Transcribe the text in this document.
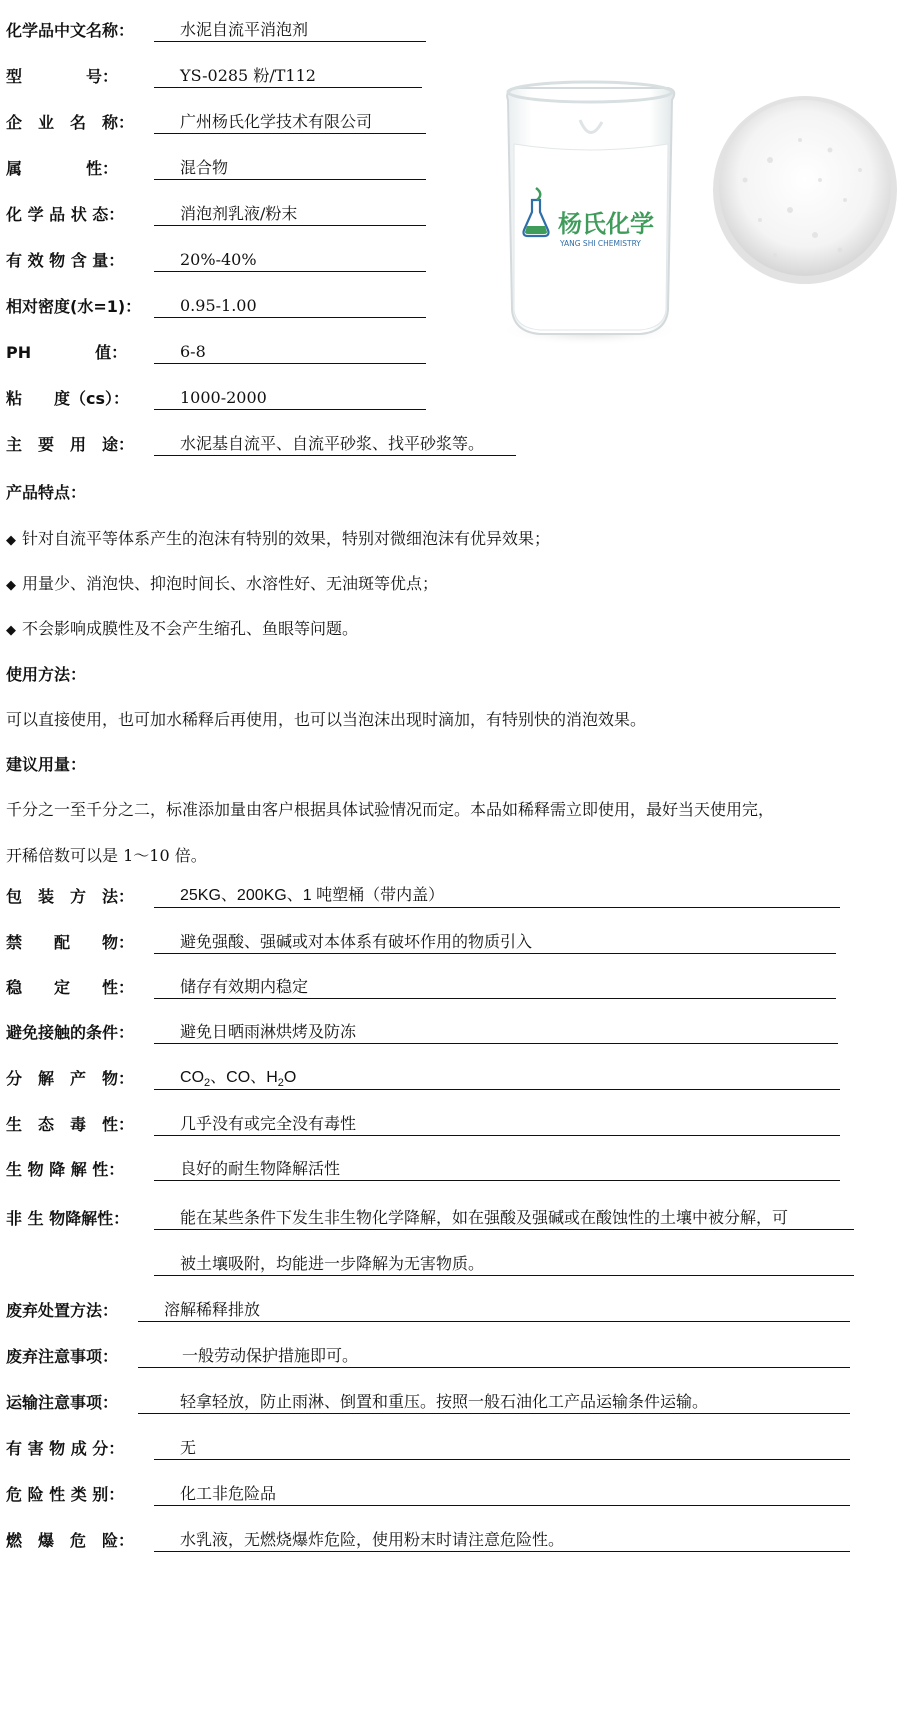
化学品中文名称：	水泥自流平消泡剂
型　　　　号：	YS-0285 粉/T112
企　业　名　称：	广州杨氏化学技术有限公司
属　　　　性：	混合物
化 学 品 状 态：	消泡剂乳液/粉末
有 效 物 含 量：	20%-40%
相对密度(水=1)：	0.95-1.00
PH　　　　值：	6-8
粘　　度（cs）：	1000-2000
主　要　用　途：	水泥基自流平、自流平砂浆、找平砂浆等。
杨氏化学
YANG SHI CHEMISTRY
产品特点：
◆ 针对自流平等体系产生的泡沫有特别的效果，特别对微细泡沫有优异效果；
◆ 用量少、消泡快、抑泡时间长、水溶性好、无油斑等优点；
◆ 不会影响成膜性及不会产生缩孔、鱼眼等问题。
使用方法：
可以直接使用，也可加水稀释后再使用，也可以当泡沫出现时滴加，有特别快的消泡效果。
建议用量：
千分之一至千分之二，标准添加量由客户根据具体试验情况而定。本品如稀释需立即使用，最好当天使用完，
开稀倍数可以是 1～10 倍。
包　装　方　法：	25KG、200KG、1 吨塑桶（带内盖）
禁　　配　　物：	避免强酸、强碱或对本体系有破坏作用的物质引入
稳　　定　　性：	储存有效期内稳定
避免接触的条件：	避免日晒雨淋烘烤及防冻
分　解　产　物：	$CO_2$、CO、$H_2O$
生　态　毒　性：	几乎没有或完全没有毒性
生 物 降 解 性：	良好的耐生物降解活性
非 生 物降解性：	能在某些条件下发生非生物化学降解，如在强酸及强碱或在酸蚀性的土壤中被分解，可
被土壤吸附，均能进一步降解为无害物质。
废弃处置方法：	溶解稀释排放
废弃注意事项：	一般劳动保护措施即可。
运输注意事项：	轻拿轻放，防止雨淋、倒置和重压。按照一般石油化工产品运输条件运输。
有 害 物 成 分：	无
危 险 性 类 别：	化工非危险品
燃　爆　危　险：	水乳液，无燃烧爆炸危险，使用粉末时请注意危险性。
